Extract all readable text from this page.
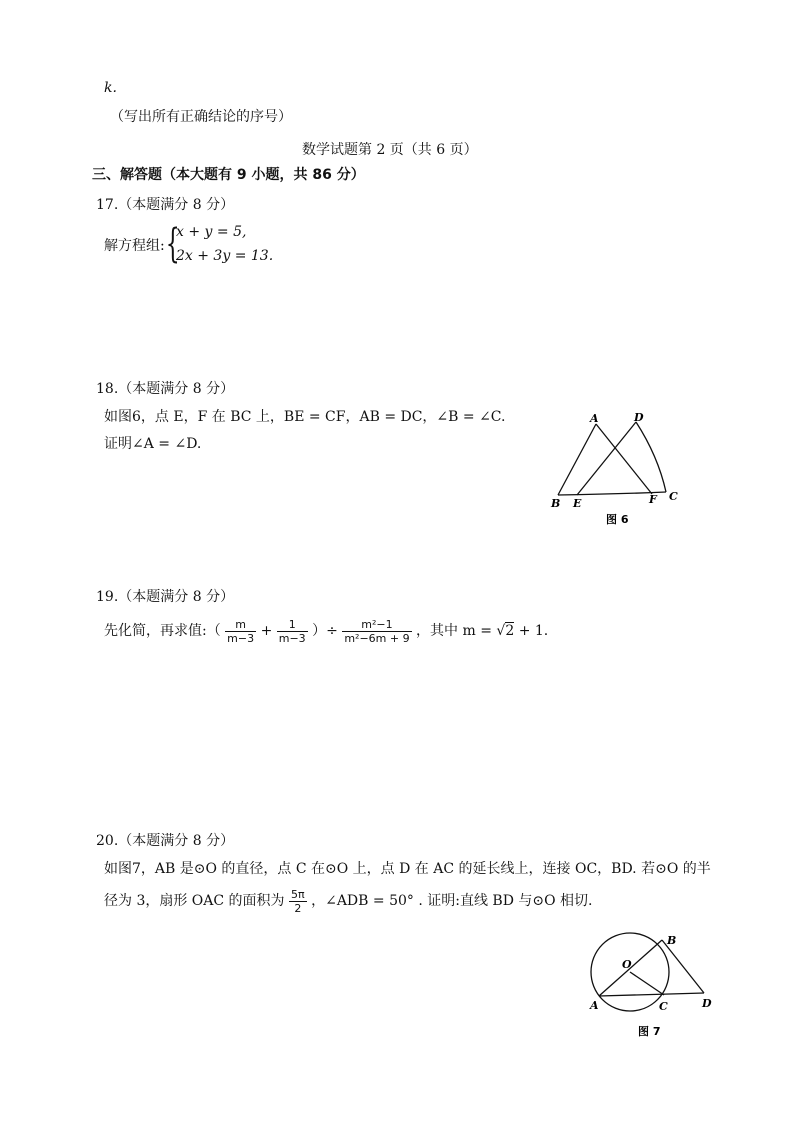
k.
（写出所有正确结论的序号）
数学试题第 2 页（共 6 页）
三、解答题（本大题有 9 小题，共 86 分）
17.（本题满分 8 分）
解方程组: {
x + y = 5,
2x + 3y = 13.
18.（本题满分 8 分）
如图6，点 E，F 在 BC 上，BE = CF，AB = DC，∠B = ∠C.
证明∠A = ∠D.
A	D
B E	F C
图 6
19.（本题满分 8 分）
先化简，再求值:（ $\frac{m}{m-3} + \frac{1}{m-3}$ ）÷ $\frac{\text{m²−1}}{\text{m²−6m + 9}}$ ，其中 m = √2 + 1.
20.（本题满分 8 分）
如图7，AB 是⊙O 的直径，点 C 在⊙O 上，点 D 在 AC 的延长线上，连接 OC，BD. 若⊙O 的半
径为 3，扇形 OAC 的面积为 $\frac{5\pi}{2}$ ，∠ADB = 50° . 证明:直线 BD 与⊙O 相切.
O
A
B
C	D
图 7
